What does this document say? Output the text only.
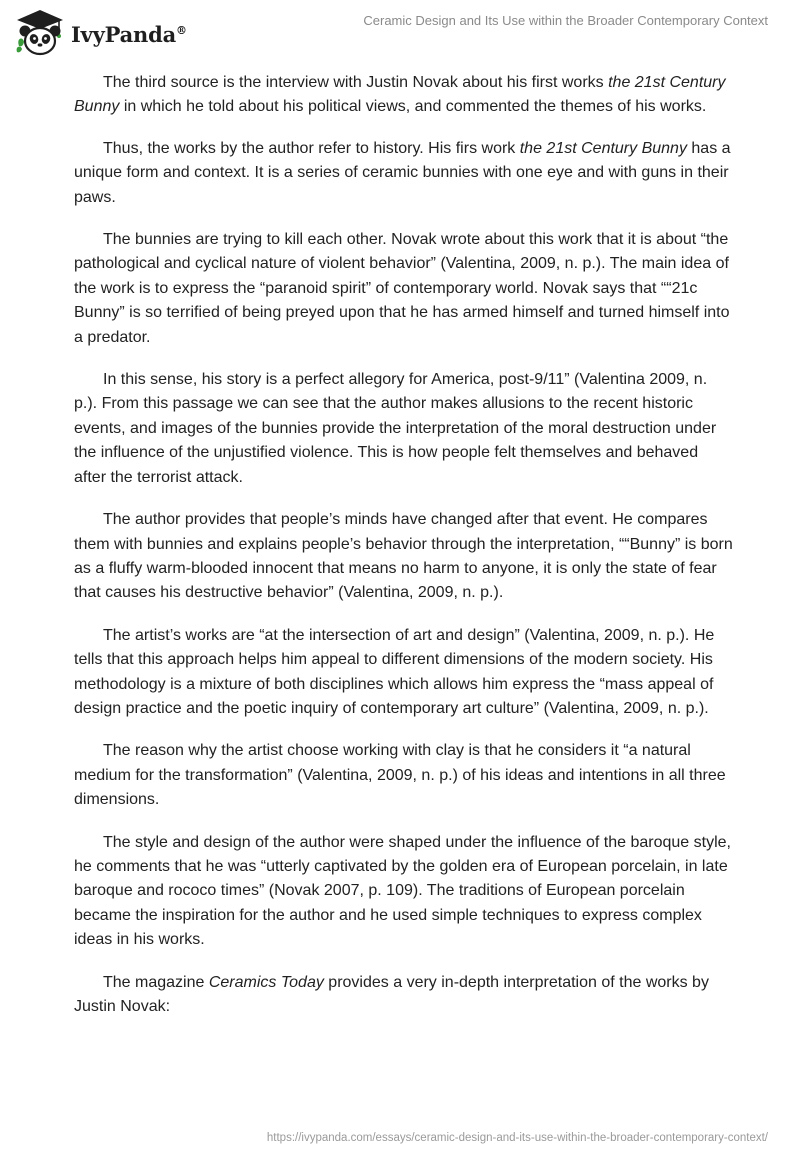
IvyPanda®
Ceramic Design and Its Use within the Broader Contemporary Context

The third source is the interview with Justin Novak about his first works the 21st Century Bunny in which he told about his political views, and commented the themes of his works.

Thus, the works by the author refer to history. His firs work the 21st Century Bunny has a unique form and context. It is a series of ceramic bunnies with one eye and with guns in their paws.

The bunnies are trying to kill each other. Novak wrote about this work that it is about “the pathological and cyclical nature of violent behavior” (Valentina, 2009, n. p.). The main idea of the work is to express the “paranoid spirit” of contemporary world. Novak says that ““21c Bunny” is so terrified of being preyed upon that he has armed himself and turned himself into a predator.

In this sense, his story is a perfect allegory for America, post-9/11” (Valentina 2009, n. p.). From this passage we can see that the author makes allusions to the recent historic events, and images of the bunnies provide the interpretation of the moral destruction under the influence of the unjustified violence. This is how people felt themselves and behaved after the terrorist attack.

The author provides that people’s minds have changed after that event. He compares them with bunnies and explains people’s behavior through the interpretation, ““Bunny” is born as a fluffy warm-blooded innocent that means no harm to anyone, it is only the state of fear that causes his destructive behavior” (Valentina, 2009, n. p.).

The artist’s works are “at the intersection of art and design” (Valentina, 2009, n. p.). He tells that this approach helps him appeal to different dimensions of the modern society. His methodology is a mixture of both disciplines which allows him express the “mass appeal of design practice and the poetic inquiry of contemporary art culture” (Valentina, 2009, n. p.).

The reason why the artist choose working with clay is that he considers it “a natural medium for the transformation” (Valentina, 2009, n. p.) of his ideas and intentions in all three dimensions.

The style and design of the author were shaped under the influence of the baroque style, he comments that he was “utterly captivated by the golden era of European porcelain, in late baroque and rococo times” (Novak 2007, p. 109). The traditions of European porcelain became the inspiration for the author and he used simple techniques to express complex ideas in his works.

The magazine Ceramics Today provides a very in-depth interpretation of the works by Justin Novak:

https://ivypanda.com/essays/ceramic-design-and-its-use-within-the-broader-contemporary-context/
